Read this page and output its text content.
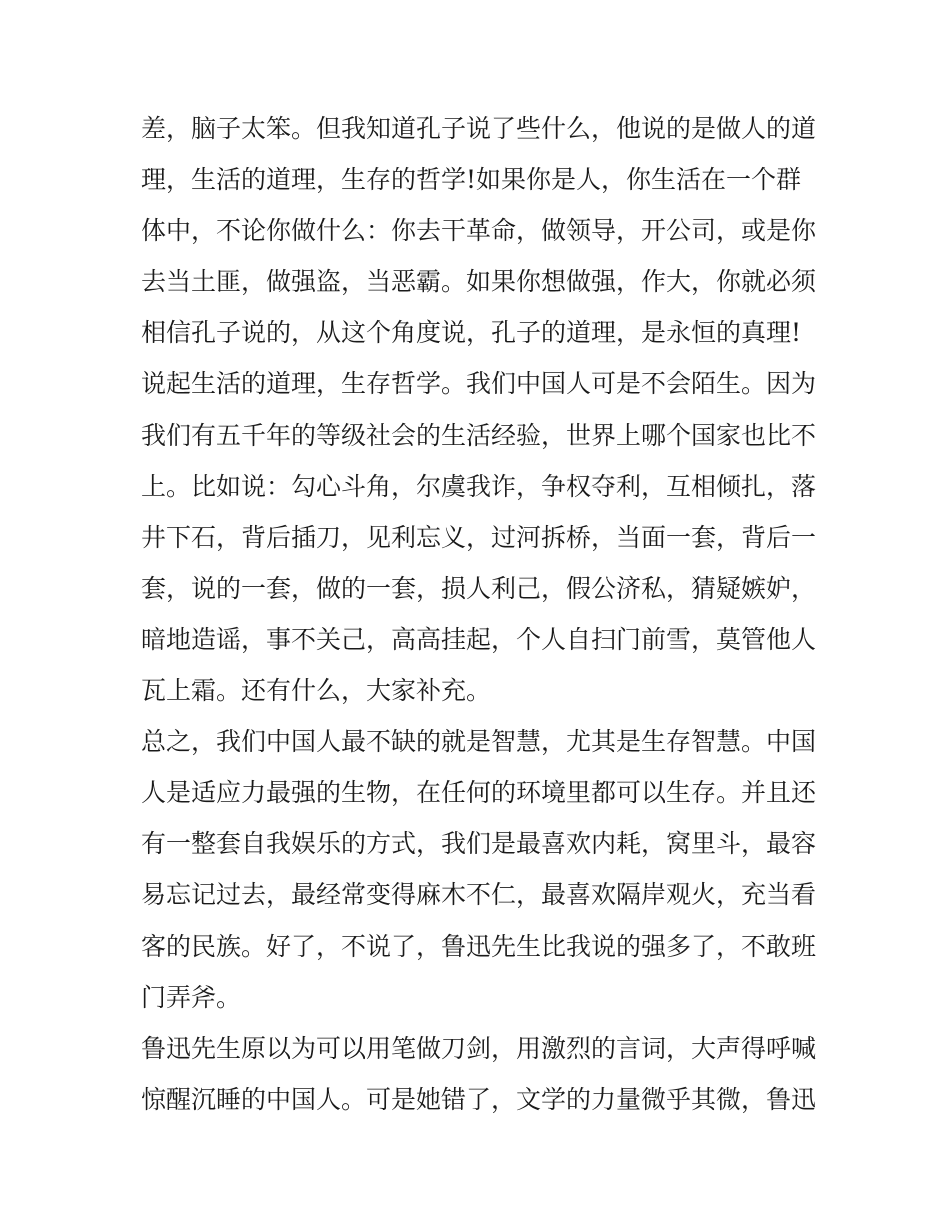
差，脑子太笨。但我知道孔子说了些什么，他说的是做人的道
理，生活的道理，生存的哲学!如果你是人，你生活在一个群
体中，不论你做什么：你去干革命，做领导，开公司，或是你
去当土匪，做强盗，当恶霸。如果你想做强，作大，你就必须
相信孔子说的，从这个角度说，孔子的道理，是永恒的真理!
说起生活的道理，生存哲学。我们中国人可是不会陌生。因为
我们有五千年的等级社会的生活经验，世界上哪个国家也比不
上。比如说：勾心斗角，尔虞我诈，争权夺利，互相倾扎，落
井下石，背后插刀，见利忘义，过河拆桥，当面一套，背后一
套，说的一套，做的一套，损人利己，假公济私，猜疑嫉妒，
暗地造谣，事不关己，高高挂起，个人自扫门前雪，莫管他人
瓦上霜。还有什么，大家补充。
总之，我们中国人最不缺的就是智慧，尤其是生存智慧。中国
人是适应力最强的生物，在任何的环境里都可以生存。并且还
有一整套自我娱乐的方式，我们是最喜欢内耗，窝里斗，最容
易忘记过去，最经常变得麻木不仁，最喜欢隔岸观火，充当看
客的民族。好了，不说了，鲁迅先生比我说的强多了，不敢班
门弄斧。
鲁迅先生原以为可以用笔做刀剑，用激烈的言词，大声得呼喊
惊醒沉睡的中国人。可是她错了，文学的力量微乎其微，鲁迅
